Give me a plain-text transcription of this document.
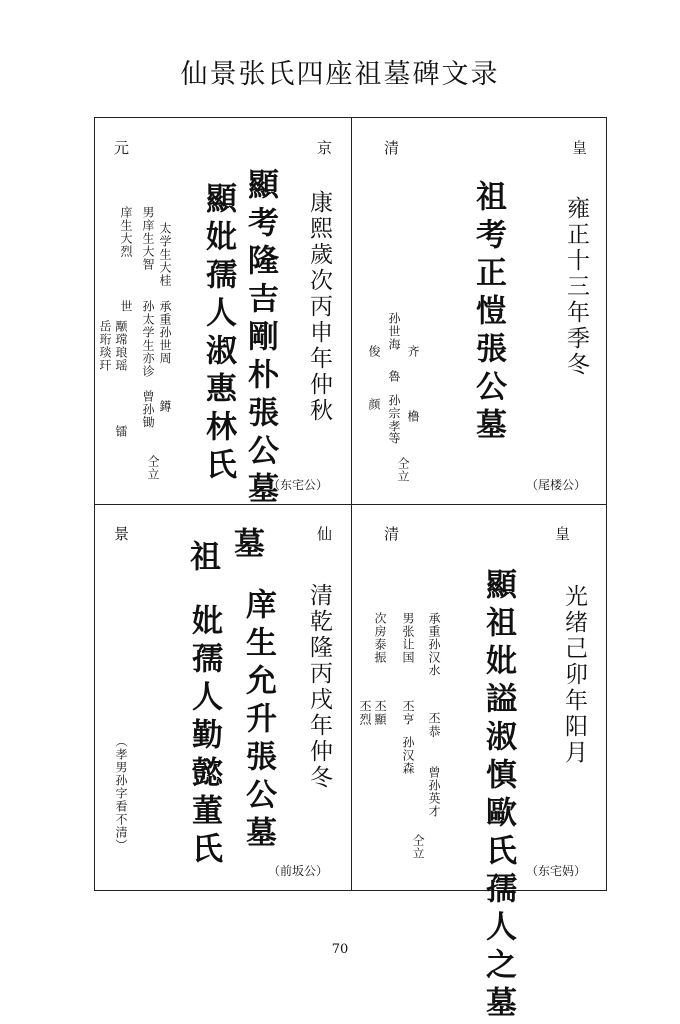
仙景张氏四座祖墓碑文录
元	京
康熙歲次丙申年仲秋
顯考隆吉剛朴張公墓
顯妣孺人淑惠林氏
太学生大桂
男庠生大智
庠生大烈
承重孙世周
孙太学生亦诊
世
曾孙锄 鐏
颙瑺琅瑶
岳珩琰玕
镭
仝立
（东宅公）
清	皇
雍正十三年季冬
祖考正愷張公墓
孙世海
齐
魯
俊
颜 孙宗孝
等
橹
仝立
（尾楼公）
景	仙
清乾隆丙戌年仲冬
祖 墓
庠生允升張公墓
妣孺人勤懿董氏
（孝男孙字看不清）
（前坂公）
清	皇
光绪己卯年阳月
顯祖妣謚淑慎歐氏孺人之墓
承重孙汉水
丕恭
男张让国
丕亨
孙汉森
次房泰振
丕顯
丕烈
曾孙英才
仝立
（东宅妈）
70
